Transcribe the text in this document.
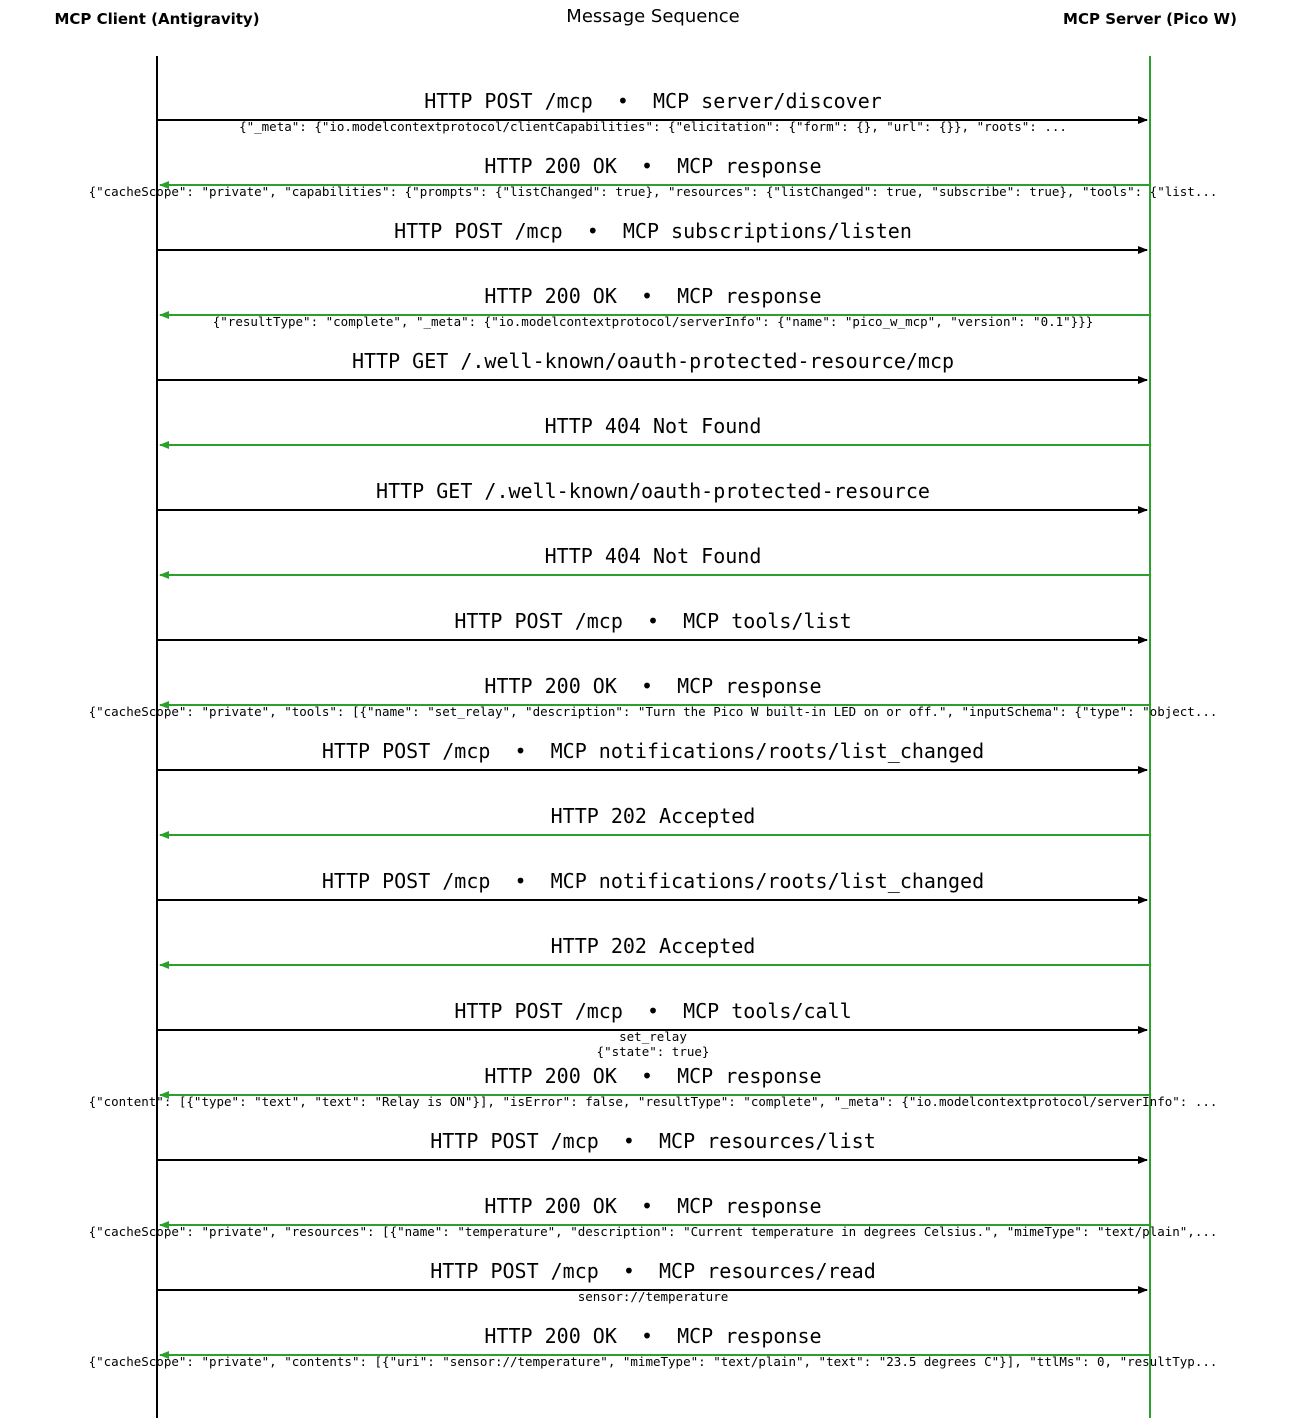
MCP Client (Antigravity)	Message Sequence	MCP Server (Pico W)
HTTP POST /mcp  •  MCP server/discover
{"_meta": {"io.modelcontextprotocol/clientCapabilities": {"elicitation": {"form": {}, "url": {}}, "roots": ...
HTTP 200 OK  •  MCP response
{"cacheScope": "private", "capabilities": {"prompts": {"listChanged": true}, "resources": {"listChanged": true, "subscribe": true}, "tools": {"list...
HTTP POST /mcp  •  MCP subscriptions/listen
HTTP 200 OK  •  MCP response
{"resultType": "complete", "_meta": {"io.modelcontextprotocol/serverInfo": {"name": "pico_w_mcp", "version": "0.1"}}}
HTTP GET /.well-known/oauth-protected-resource/mcp
HTTP 404 Not Found
HTTP GET /.well-known/oauth-protected-resource
HTTP 404 Not Found
HTTP POST /mcp  •  MCP tools/list
HTTP 200 OK  •  MCP response
{"cacheScope": "private", "tools": [{"name": "set_relay", "description": "Turn the Pico W built-in LED on or off.", "inputSchema": {"type": "object...
HTTP POST /mcp  •  MCP notifications/roots/list_changed
HTTP 202 Accepted
HTTP POST /mcp  •  MCP notifications/roots/list_changed
HTTP 202 Accepted
HTTP POST /mcp  •  MCP tools/call
set_relay
{"state": true}
HTTP 200 OK  •  MCP response
{"content": [{"type": "text", "text": "Relay is ON"}], "isError": false, "resultType": "complete", "_meta": {"io.modelcontextprotocol/serverInfo": ...
HTTP POST /mcp  •  MCP resources/list
HTTP 200 OK  •  MCP response
{"cacheScope": "private", "resources": [{"name": "temperature", "description": "Current temperature in degrees Celsius.", "mimeType": "text/plain",...
HTTP POST /mcp  •  MCP resources/read
sensor://temperature
HTTP 200 OK  •  MCP response
{"cacheScope": "private", "contents": [{"uri": "sensor://temperature", "mimeType": "text/plain", "text": "23.5 degrees C"}], "ttlMs": 0, "resultTyp...
